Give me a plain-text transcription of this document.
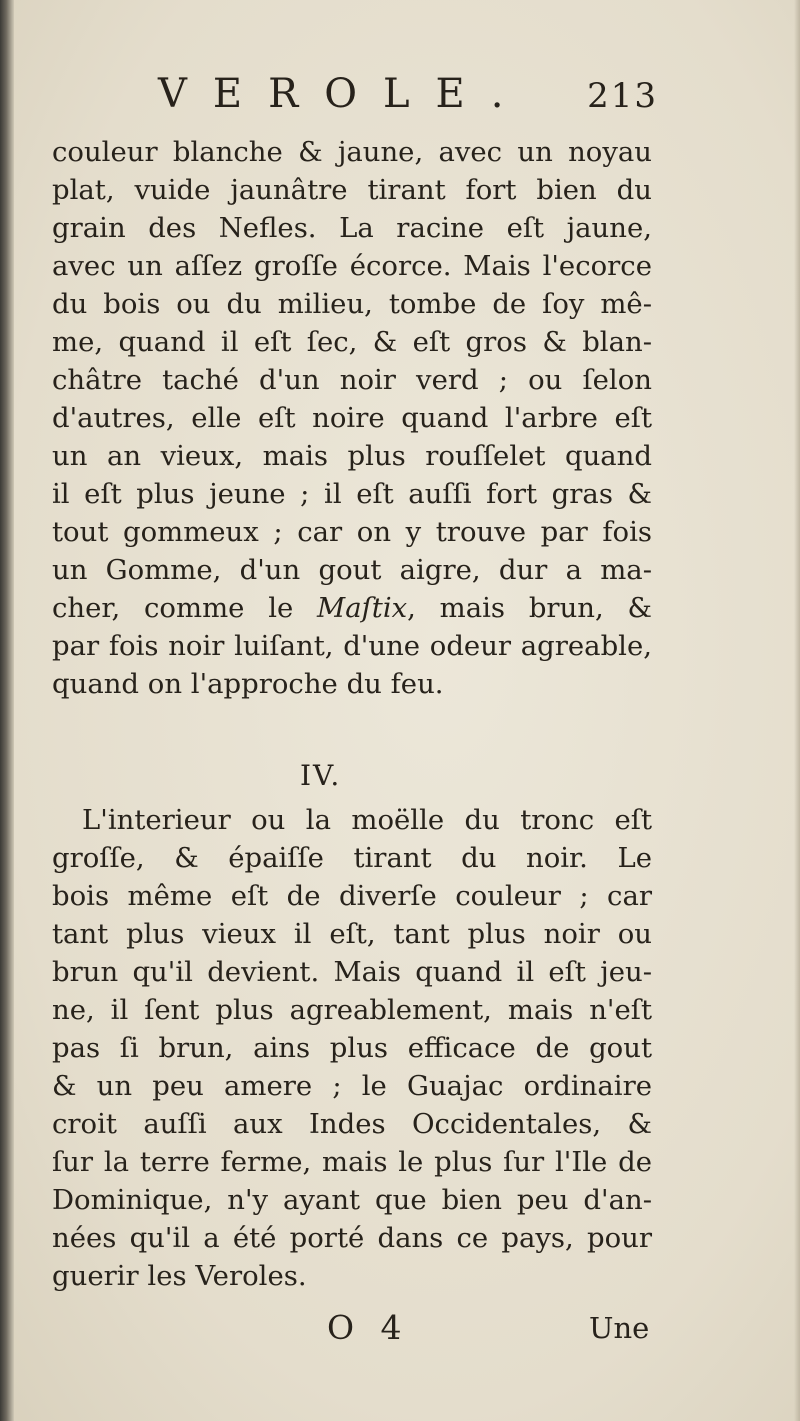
VEROLE. 213
couleur blanche & jaune, avec un noyau
plat, vuide jaunâtre tirant fort bien du
grain des Nefles. La racine eſt jaune,
avec un aſſez groſſe écorce. Mais l'ecorce
du bois ou du milieu, tombe de ſoy mê-
me, quand il eſt ſec, & eſt gros & blan-
châtre taché d'un noir verd ; ou ſelon
d'autres, elle eſt noire quand l'arbre eſt
un an vieux, mais plus rouſſelet quand
il eſt plus jeune ; il eſt auſſi fort gras &
tout gommeux ; car on y trouve par fois
un Gomme, d'un gout aigre, dur a ma-
cher, comme le Maſtix, mais brun, &
par fois noir luiſant, d'une odeur agreable,
quand on l'approche du feu.
IV.
L'interieur ou la moëlle du tronc eſt
groſſe, & épaiſſe tirant du noir. Le
bois même eſt de diverſe couleur ; car
tant plus vieux il eſt, tant plus noir ou
brun qu'il devient. Mais quand il eſt jeu-
ne, il ſent plus agreablement, mais n'eſt
pas ſi brun, ains plus efficace de gout
& un peu amere ; le Guajac ordinaire
croit auſſi aux Indes Occidentales, &
ſur la terre ferme, mais le plus ſur l'Ile de
Dominique, n'y ayant que bien peu d'an-
nées qu'il a été porté dans ce pays, pour
guerir les Veroles.
O 4	Une
